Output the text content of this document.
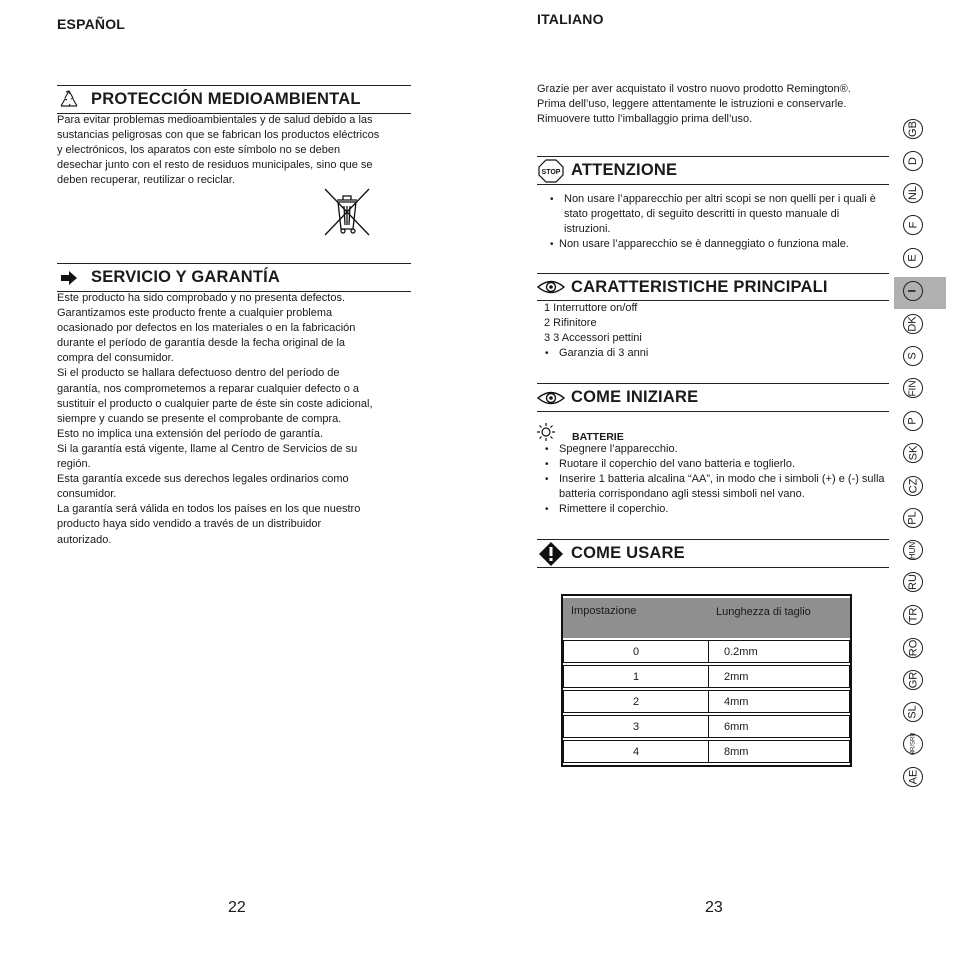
ESPAÑOL
PROTECCIÓN MEDIOAMBIENTAL

Para evitar problemas medioambientales y de salud debido a las

sustancias peligrosas con que se fabrican los productos eléctricos

y electrónicos, los aparatos con este símbolo no se deben

desechar junto con el resto de residuos municipales, sino que se

deben recuperar, reutilizar o reciclar.

SERVICIO Y GARANTÍA

Este producto ha sido comprobado y no presenta defectos.

Garantizamos este producto frente a cualquier problema

ocasionado por defectos en los materiales o en la fabricación

durante el período de garantía desde la fecha original de la

compra del consumidor.

Si el producto se hallara defectuoso dentro del período de

garantía, nos comprometemos a reparar cualquier defecto o a

sustituir el producto o cualquier parte de éste sin coste adicional,

siempre y cuando se presente el comprobante de compra.

Esto no implica una extensión del período de garantía.

Si la garantía está vigente, llame al Centro de Servicios de su

región.

Esta garantía excede sus derechos legales ordinarios como

consumidor.

La garantía será válida en todos los países en los que nuestro

producto haya sido vendido a través de un distribuidor

autorizado.

22
ITALIANO

Grazie per aver acquistato il vostro nuovo prodotto Remington®.

Prima dell’uso, leggere attentamente le istruzioni e conservarle.

Rimuovere tutto l’imballaggio prima dell’uso.

STOP ATTENZIONE
• Non usare l’apparecchio per altri scopi se non quelli per i quali è stato progettato, di seguito descritti in questo manuale di istruzioni.
• Non usare l’apparecchio se è danneggiato o funziona male.
CARATTERISTICHE PRINCIPALI
1 Interruttore on/off
2 Rifinitore
3 3 Accessori pettini
• Garanzia di 3 anni
COME INIZIARE
BATTERIE
• Spegnere l’apparecchio.
• Ruotare il coperchio del vano batteria e toglierlo.
• Inserire 1 batteria alcalina “AA”, in modo che i simboli (+) e (-) sulla batteria corrispondano agli stessi simboli nel vano.
• Rimettere il coperchio.
COME USARE
Impostazione	Lunghezza di taglio

0	0.2mm
1	2mm
2	4mm
3	6mm
4	8mm
23
GB
D
NL
F
E
I
DK
S
FIN
P
SK
CZ
PL
HUN
RU
TR
RO
GR
SL
HR/SRB
AE
